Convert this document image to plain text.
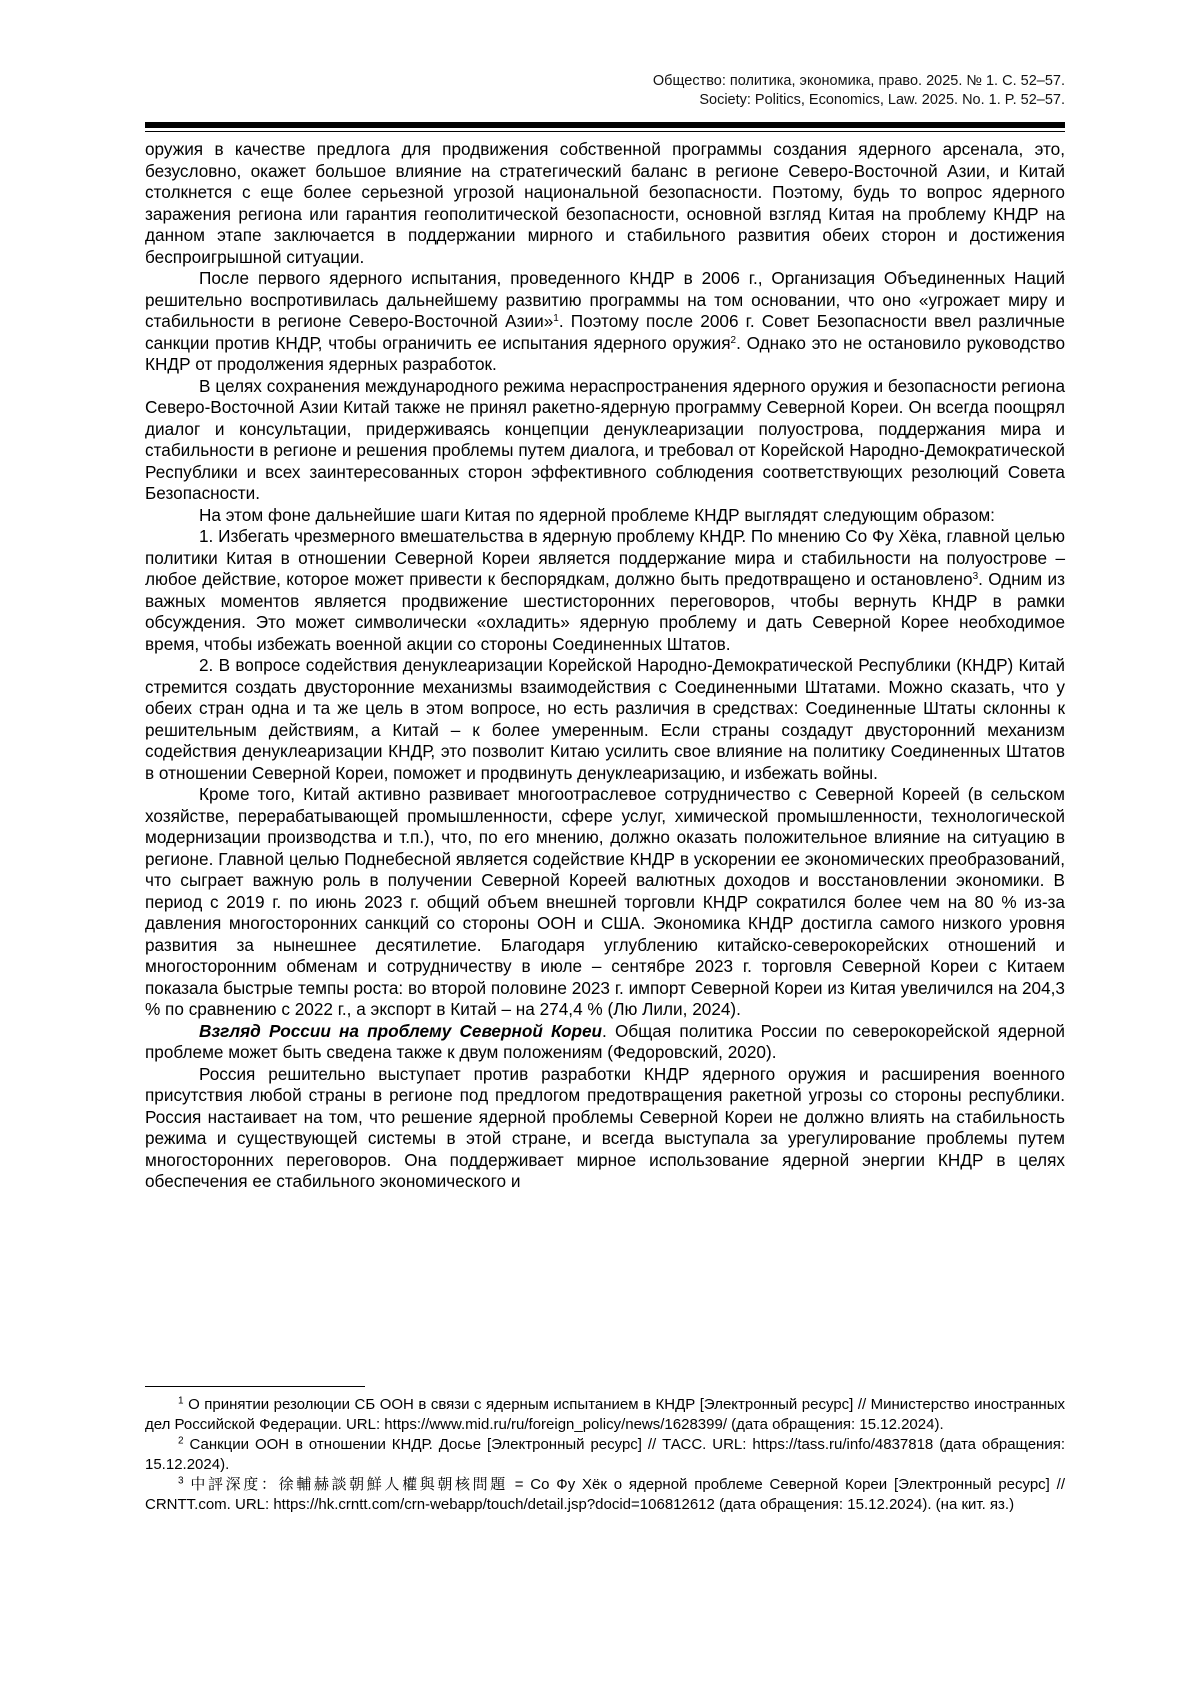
Общество: политика, экономика, право. 2025. № 1. С. 52–57.
Society: Politics, Economics, Law. 2025. No. 1. P. 52–57.

оружия в качестве предлога для продвижения собственной программы создания ядерного арсенала, это, безусловно, окажет большое влияние на стратегический баланс в регионе Северо-Восточной Азии, и Китай столкнется с еще более серьезной угрозой национальной безопасности. Поэтому, будь то вопрос ядерного заражения региона или гарантия геополитической безопасности, основной взгляд Китая на проблему КНДР на данном этапе заключается в поддержании мирного и стабильного развития обеих сторон и достижения беспроигрышной ситуации.

После первого ядерного испытания, проведенного КНДР в 2006 г., Организация Объединенных Наций решительно воспротивилась дальнейшему развитию программы на том основании, что оно «угрожает миру и стабильности в регионе Северо-Восточной Азии»$^1$. Поэтому после 2006 г. Совет Безопасности ввел различные санкции против КНДР, чтобы ограничить ее испытания ядерного оружия$^2$. Однако это не остановило руководство КНДР от продолжения ядерных разработок.

В целях сохранения международного режима нераспространения ядерного оружия и безопасности региона Северо-Восточной Азии Китай также не принял ракетно-ядерную программу Северной Кореи. Он всегда поощрял диалог и консультации, придерживаясь концепции денуклеаризации полуострова, поддержания мира и стабильности в регионе и решения проблемы путем диалога, и требовал от Корейской Народно-Демократической Республики и всех заинтересованных сторон эффективного соблюдения соответствующих резолюций Совета Безопасности.

На этом фоне дальнейшие шаги Китая по ядерной проблеме КНДР выглядят следующим образом:

1. Избегать чрезмерного вмешательства в ядерную проблему КНДР. По мнению Со Фу Хёка, главной целью политики Китая в отношении Северной Кореи является поддержание мира и стабильности на полуострове – любое действие, которое может привести к беспорядкам, должно быть предотвращено и остановлено$^3$. Одним из важных моментов является продвижение шестисторонних переговоров, чтобы вернуть КНДР в рамки обсуждения. Это может символически «охладить» ядерную проблему и дать Северной Корее необходимое время, чтобы избежать военной акции со стороны Соединенных Штатов.

2. В вопросе содействия денуклеаризации Корейской Народно-Демократической Республики (КНДР) Китай стремится создать двусторонние механизмы взаимодействия с Соединенными Штатами. Можно сказать, что у обеих стран одна и та же цель в этом вопросе, но есть различия в средствах: Соединенные Штаты склонны к решительным действиям, а Китай – к более умеренным. Если страны создадут двусторонний механизм содействия денуклеаризации КНДР, это позволит Китаю усилить свое влияние на политику Соединенных Штатов в отношении Северной Кореи, поможет и продвинуть денуклеаризацию, и избежать войны.

Кроме того, Китай активно развивает многоотраслевое сотрудничество с Северной Кореей (в сельском хозяйстве, перерабатывающей промышленности, сфере услуг, химической промышленности, технологической модернизации производства и т.п.), что, по его мнению, должно оказать положительное влияние на ситуацию в регионе. Главной целью Поднебесной является содействие КНДР в ускорении ее экономических преобразований, что сыграет важную роль в получении Северной Кореей валютных доходов и восстановлении экономики. В период с 2019 г. по июнь 2023 г. общий объем внешней торговли КНДР сократился более чем на 80 % из-за давления многосторонних санкций со стороны ООН и США. Экономика КНДР достигла самого низкого уровня развития за нынешнее десятилетие. Благодаря углублению китайско-северокорейских отношений и многосторонним обменам и сотрудничеству в июле – сентябре 2023 г. торговля Северной Кореи с Китаем показала быстрые темпы роста: во второй половине 2023 г. импорт Северной Кореи из Китая увеличился на 204,3 % по сравнению с 2022 г., а экспорт в Китай – на 274,4 % (Лю Лили, 2024).

Взгляд России на проблему Северной Кореи. Общая политика России по северокорейской ядерной проблеме может быть сведена также к двум положениям (Федоровский, 2020).

Россия решительно выступает против разработки КНДР ядерного оружия и расширения военного присутствия любой страны в регионе под предлогом предотвращения ракетной угрозы со стороны республики. Россия настаивает на том, что решение ядерной проблемы Северной Кореи не должно влиять на стабильность режима и существующей системы в этой стране, и всегда выступала за урегулирование проблемы путем многосторонних переговоров. Она поддерживает мирное использование ядерной энергии КНДР в целях обеспечения ее стабильного экономического и

$^1$ О принятии резолюции СБ ООН в связи с ядерным испытанием в КНДР [Электронный ресурс] // Министерство иностранных дел Российской Федерации. URL: https://www.mid.ru/ru/foreign_policy/news/1628399/ (дата обращения: 15.12.2024).

$^2$ Санкции ООН в отношении КНДР. Досье [Электронный ресурс] // ТАСС. URL: https://tass.ru/info/4837818 (дата обращения: 15.12.2024).

$^3$ 中評深度：徐輔赫談朝鮮人權與朝核問題 = Со Фу Хёк о ядерной проблеме Северной Кореи [Электронный ресурс] // CRNTT.com. URL: https://hk.crntt.com/crn-webapp/touch/detail.jsp?docid=106812612 (дата обращения: 15.12.2024). (на кит. яз.)
